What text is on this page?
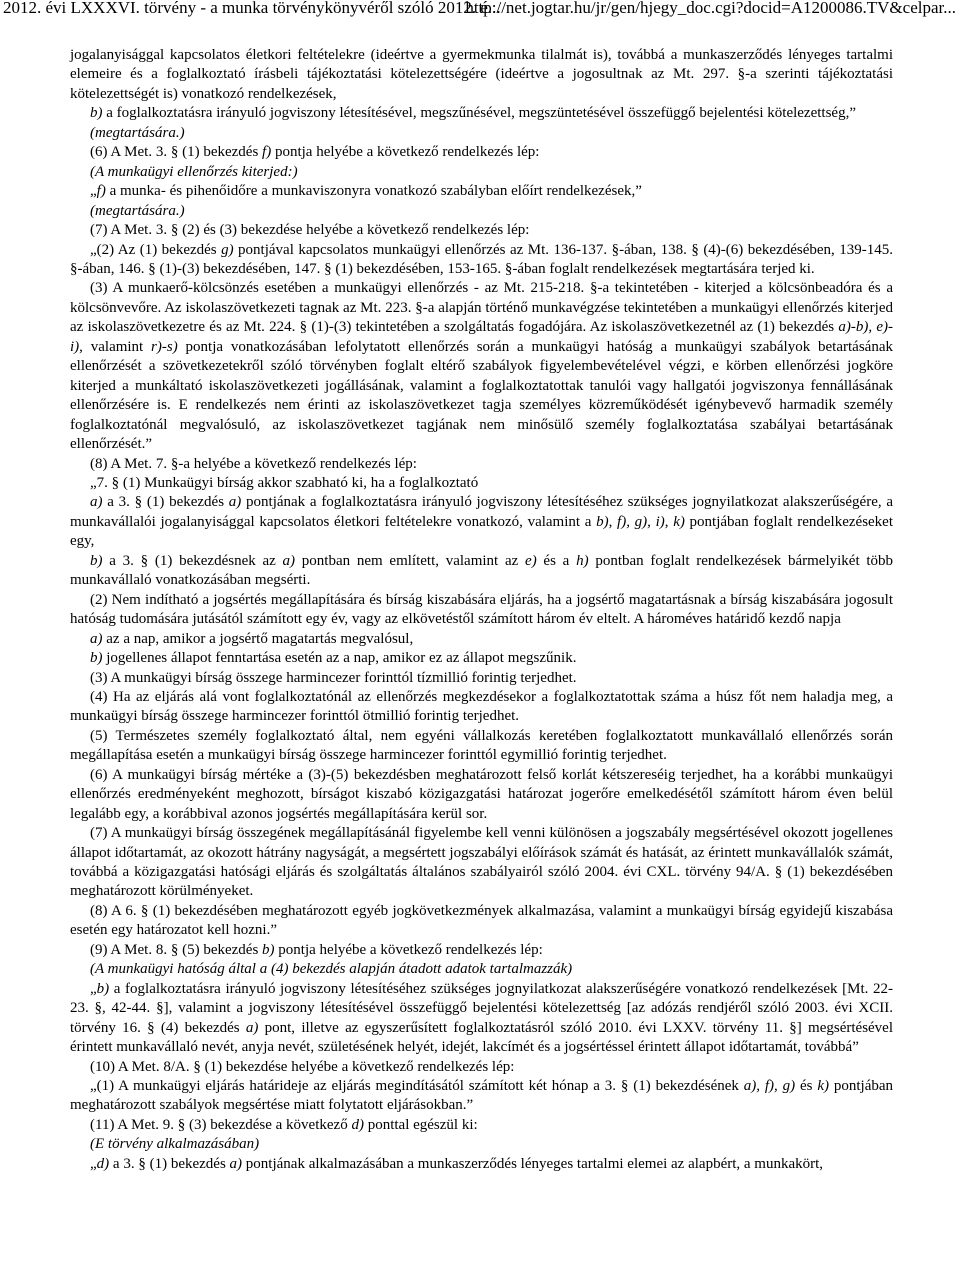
2012. évi LXXXVI. törvény - a munka törvénykönyvéről szóló 2012. é...
http://net.jogtar.hu/jr/gen/hjegy_doc.cgi?docid=A1200086.TV&celpar...

jogalanyisággal kapcsolatos életkori feltételekre (ideértve a gyermekmunka tilalmát is), továbbá a munkaszerződés lényeges tartalmi elemeire és a foglalkoztató írásbeli tájékoztatási kötelezettségére (ideértve a jogosultnak az Mt. 297. §-a szerinti tájékoztatási kötelezettségét is) vonatkozó rendelkezések,

b) a foglalkoztatásra irányuló jogviszony létesítésével, megszűnésével, megszüntetésével összefüggő bejelentési kötelezettség,”

(megtartására.)

(6) A Met. 3. § (1) bekezdés f) pontja helyébe a következő rendelkezés lép:

(A munkaügyi ellenőrzés kiterjed:)

„f) a munka- és pihenőidőre a munkaviszonyra vonatkozó szabályban előírt rendelkezések,”

(megtartására.)

(7) A Met. 3. § (2) és (3) bekezdése helyébe a következő rendelkezés lép:

„(2) Az (1) bekezdés g) pontjával kapcsolatos munkaügyi ellenőrzés az Mt. 136-137. §-ában, 138. § (4)-(6) bekezdésében, 139-145. §-ában, 146. § (1)-(3) bekezdésében, 147. § (1) bekezdésében, 153-165. §-ában foglalt rendelkezések megtartására terjed ki.

(3) A munkaerő-kölcsönzés esetében a munkaügyi ellenőrzés - az Mt. 215-218. §-a tekintetében - kiterjed a kölcsönbeadóra és a kölcsönvevőre. Az iskolaszövetkezeti tagnak az Mt. 223. §-a alapján történő munkavégzése tekintetében a munkaügyi ellenőrzés kiterjed az iskolaszövetkezetre és az Mt. 224. § (1)-(3) tekintetében a szolgáltatás fogadójára. Az iskolaszövetkezetnél az (1) bekezdés a)-b), e)-i), valamint r)-s) pontja vonatkozásában lefolytatott ellenőrzés során a munkaügyi hatóság a munkaügyi szabályok betartásának ellenőrzését a szövetkezetekről szóló törvényben foglalt eltérő szabályok figyelembevételével végzi, e körben ellenőrzési jogköre kiterjed a munkáltató iskolaszövetkezeti jogállásának, valamint a foglalkoztatottak tanulói vagy hallgatói jogviszonya fennállásának ellenőrzésére is. E rendelkezés nem érinti az iskolaszövetkezet tagja személyes közreműködését igénybevevő harmadik személy foglalkoztatónál megvalósuló, az iskolaszövetkezet tagjának nem minősülő személy foglalkoztatása szabályai betartásának ellenőrzését.”

(8) A Met. 7. §-a helyébe a következő rendelkezés lép:

„7. § (1) Munkaügyi bírság akkor szabható ki, ha a foglalkoztató

a) a 3. § (1) bekezdés a) pontjának a foglalkoztatásra irányuló jogviszony létesítéséhez szükséges jognyilatkozat alakszerűségére, a munkavállalói jogalanyisággal kapcsolatos életkori feltételekre vonatkozó, valamint a b), f), g), i), k) pontjában foglalt rendelkezéseket egy,

b) a 3. § (1) bekezdésnek az a) pontban nem említett, valamint az e) és a h) pontban foglalt rendelkezések bármelyikét több munkavállaló vonatkozásában megsérti.

(2) Nem indítható a jogsértés megállapítására és bírság kiszabására eljárás, ha a jogsértő magatartásnak a bírság kiszabására jogosult hatóság tudomására jutásától számított egy év, vagy az elkövetéstől számított három év eltelt. A hároméves határidő kezdő napja

a) az a nap, amikor a jogsértő magatartás megvalósul,

b) jogellenes állapot fenntartása esetén az a nap, amikor ez az állapot megszűnik.

(3) A munkaügyi bírság összege harmincezer forinttól tízmillió forintig terjedhet.

(4) Ha az eljárás alá vont foglalkoztatónál az ellenőrzés megkezdésekor a foglalkoztatottak száma a húsz főt nem haladja meg, a munkaügyi bírság összege harmincezer forinttól ötmillió forintig terjedhet.

(5) Természetes személy foglalkoztató által, nem egyéni vállalkozás keretében foglalkoztatott munkavállaló ellenőrzés során megállapítása esetén a munkaügyi bírság összege harmincezer forinttól egymillió forintig terjedhet.

(6) A munkaügyi bírság mértéke a (3)-(5) bekezdésben meghatározott felső korlát kétszereséig terjedhet, ha a korábbi munkaügyi ellenőrzés eredményeként meghozott, bírságot kiszabó közigazgatási határozat jogerőre emelkedésétől számított három éven belül legalább egy, a korábbival azonos jogsértés megállapítására kerül sor.

(7) A munkaügyi bírság összegének megállapításánál figyelembe kell venni különösen a jogszabály megsértésével okozott jogellenes állapot időtartamát, az okozott hátrány nagyságát, a megsértett jogszabályi előírások számát és hatását, az érintett munkavállalók számát, továbbá a közigazgatási hatósági eljárás és szolgáltatás általános szabályairól szóló 2004. évi CXL. törvény 94/A. § (1) bekezdésében meghatározott körülményeket.

(8) A 6. § (1) bekezdésében meghatározott egyéb jogkövetkezmények alkalmazása, valamint a munkaügyi bírság egyidejű kiszabása esetén egy határozatot kell hozni.”

(9) A Met. 8. § (5) bekezdés b) pontja helyébe a következő rendelkezés lép:

(A munkaügyi hatóság által a (4) bekezdés alapján átadott adatok tartalmazzák)

„b) a foglalkoztatásra irányuló jogviszony létesítéséhez szükséges jognyilatkozat alakszerűségére vonatkozó rendelkezések [Mt. 22-23. §, 42-44. §], valamint a jogviszony létesítésével összefüggő bejelentési kötelezettség [az adózás rendjéről szóló 2003. évi XCII. törvény 16. § (4) bekezdés a) pont, illetve az egyszerűsített foglalkoztatásról szóló 2010. évi LXXV. törvény 11. §] megsértésével érintett munkavállaló nevét, anyja nevét, születésének helyét, idejét, lakcímét és a jogsértéssel érintett állapot időtartamát, továbbá”

(10) A Met. 8/A. § (1) bekezdése helyébe a következő rendelkezés lép:

„(1) A munkaügyi eljárás határideje az eljárás megindításától számított két hónap a 3. § (1) bekezdésének a), f), g) és k) pontjában meghatározott szabályok megsértése miatt folytatott eljárásokban.”

(11) A Met. 9. § (3) bekezdése a következő d) ponttal egészül ki:

(E törvény alkalmazásában)

„d) a 3. § (1) bekezdés a) pontjának alkalmazásában a munkaszerződés lényeges tartalmi elemei az alapbért, a munkakört,
